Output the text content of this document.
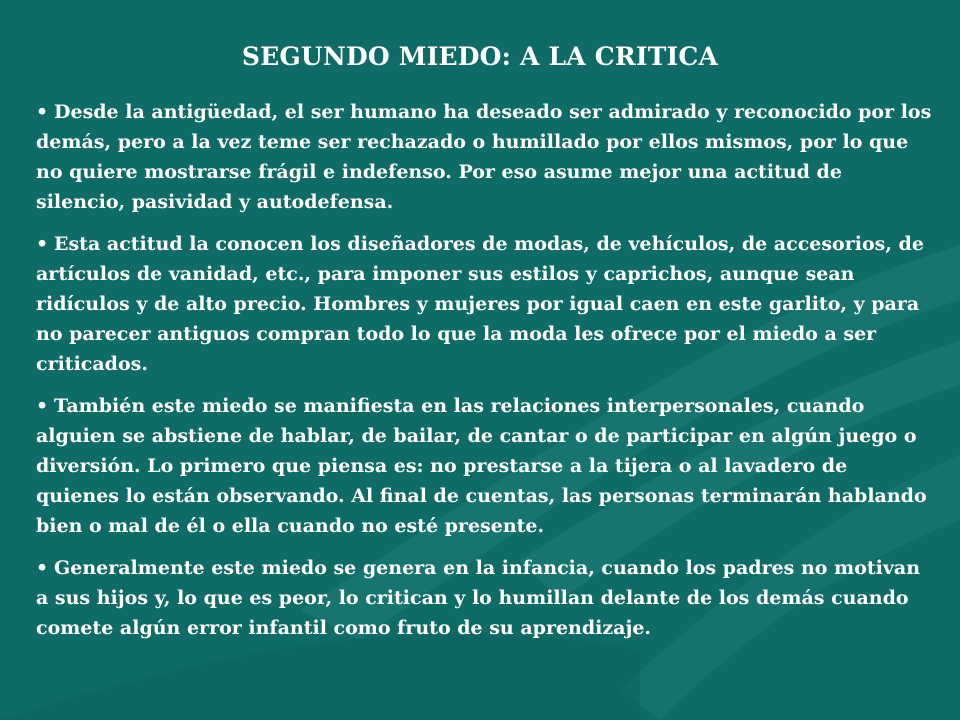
SEGUNDO MIEDO: A LA CRITICA
• Desde la antigüedad, el ser humano ha deseado ser admirado y reconocido por los demás, pero a la vez teme ser rechazado o humillado por ellos mismos, por lo que no quiere mostrarse frágil e indefenso. Por eso asume mejor una actitud de silencio, pasividad y autodefensa.
• Esta actitud la conocen los diseñadores de modas, de vehículos, de accesorios, de artículos de vanidad, etc., para imponer sus estilos y caprichos, aunque sean ridículos y de alto precio. Hombres y mujeres por igual caen en este garlito, y para no parecer antiguos compran todo lo que la moda les ofrece por el miedo a ser criticados.
• También este miedo se manifiesta en las relaciones interpersonales, cuando alguien se abstiene de hablar, de bailar, de cantar o de participar en algún juego o diversión. Lo primero que piensa es: no prestarse a la tijera o al lavadero de quienes lo están observando. Al final de cuentas, las personas terminarán hablando bien o mal de él o ella cuando no esté presente.
• Generalmente este miedo se genera en la infancia, cuando los padres no motivan a sus hijos y, lo que es peor, lo critican y lo humillan delante de los demás cuando comete algún error infantil como fruto de su aprendizaje.
